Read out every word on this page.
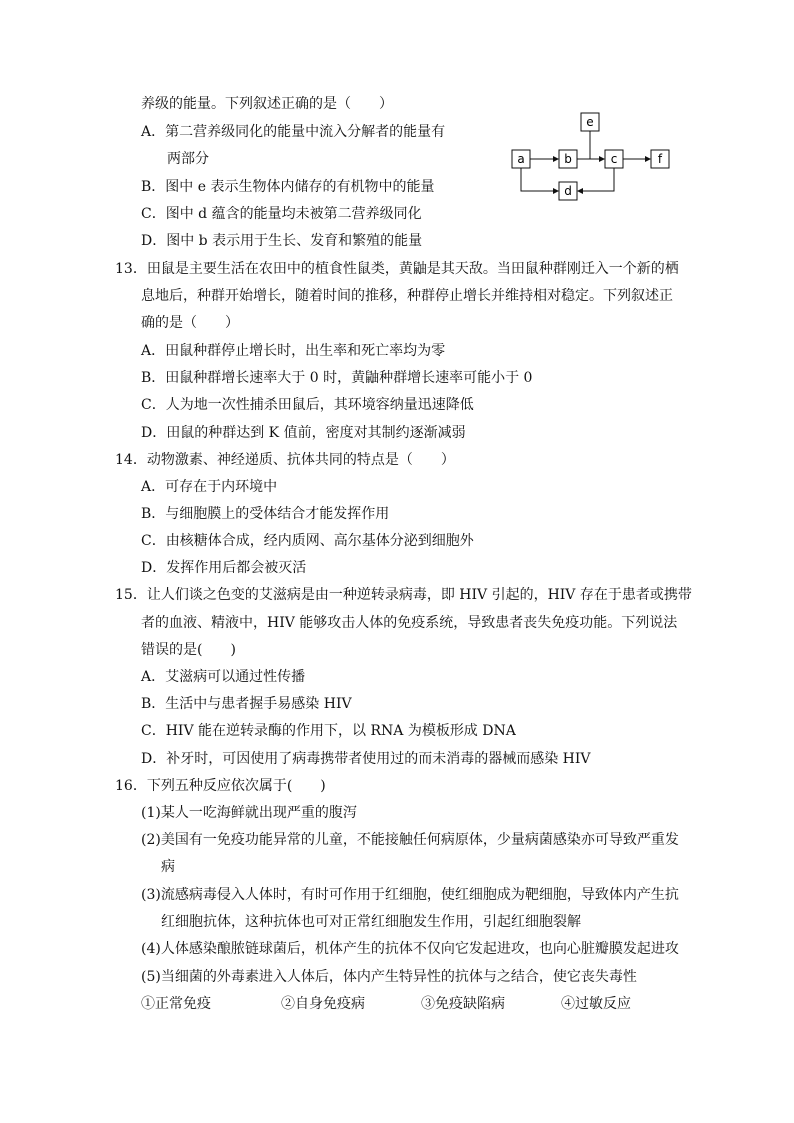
养级的能量。下列叙述正确的是（　　）
A．第二营养级同化的能量中流入分解者的能量有
两部分
B．图中 e 表示生物体内储存的有机物中的能量
C．图中 d 蕴含的能量均未被第二营养级同化
D．图中 b 表示用于生长、发育和繁殖的能量
e
a	b	c	f
d
13．田鼠是主要生活在农田中的植食性鼠类，黄鼬是其天敌。当田鼠种群刚迁入一个新的栖
息地后，种群开始增长，随着时间的推移，种群停止增长并维持相对稳定。下列叙述正
确的是（　　）
A．田鼠种群停止增长时，出生率和死亡率均为零
B．田鼠种群增长速率大于 0 时，黄鼬种群增长速率可能小于 0
C．人为地一次性捕杀田鼠后，其环境容纳量迅速降低
D．田鼠的种群达到 K 值前，密度对其制约逐渐减弱
14．动物激素、神经递质、抗体共同的特点是（　　）
A．可存在于内环境中
B．与细胞膜上的受体结合才能发挥作用
C．由核糖体合成，经内质网、高尔基体分泌到细胞外
D．发挥作用后都会被灭活
15．让人们谈之色变的艾滋病是由一种逆转录病毒，即 HIV 引起的，HIV 存在于患者或携带
者的血液、精液中，HIV 能够攻击人体的免疫系统，导致患者丧失免疫功能。下列说法
错误的是(　　)
A．艾滋病可以通过性传播
B．生活中与患者握手易感染 HIV
C．HIV 能在逆转录酶的作用下，以 RNA 为模板形成 DNA
D．补牙时，可因使用了病毒携带者使用过的而未消毒的器械而感染 HIV
16．下列五种反应依次属于(　　)
(1)某人一吃海鲜就出现严重的腹泻
(2)美国有一免疫功能异常的儿童，不能接触任何病原体，少量病菌感染亦可导致严重发
病
(3)流感病毒侵入人体时，有时可作用于红细胞，使红细胞成为靶细胞，导致体内产生抗
红细胞抗体，这种抗体也可对正常红细胞发生作用，引起红细胞裂解
(4)人体感染酿脓链球菌后，机体产生的抗体不仅向它发起进攻，也向心脏瓣膜发起进攻
(5)当细菌的外毒素进入人体后，体内产生特异性的抗体与之结合，使它丧失毒性
①正常免疫	②自身免疫病	③免疫缺陷病	④过敏反应
